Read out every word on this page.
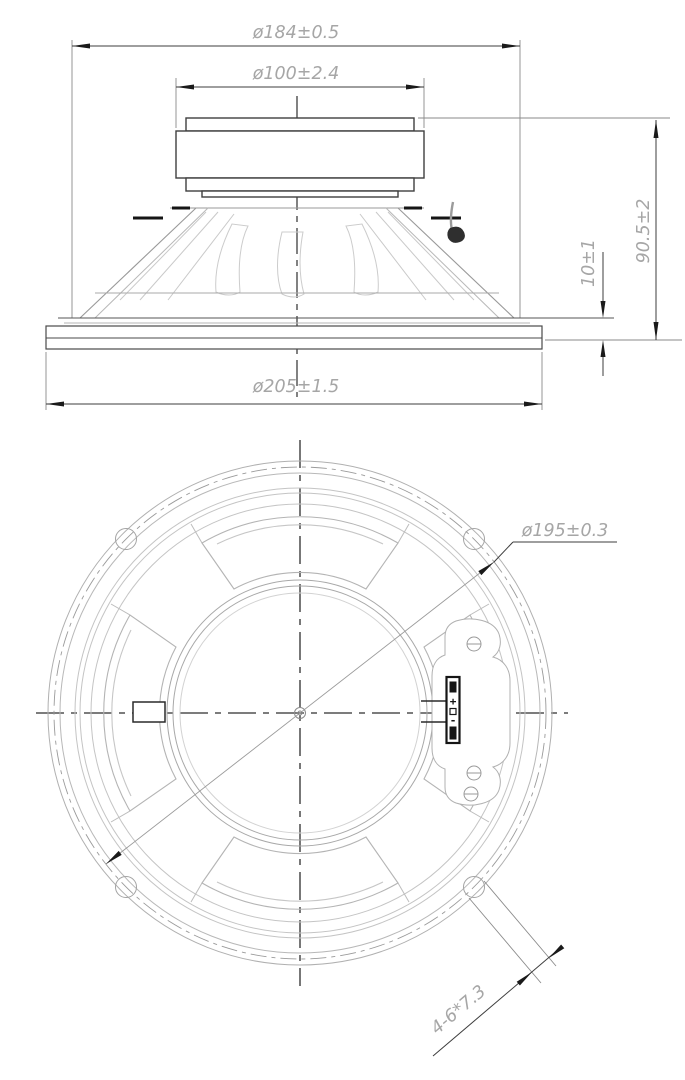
ø184±0.5
ø100±2.4
90.5±2
10±1
ø205±1.5
+
-
ø195±0.3
4-6*7.3
